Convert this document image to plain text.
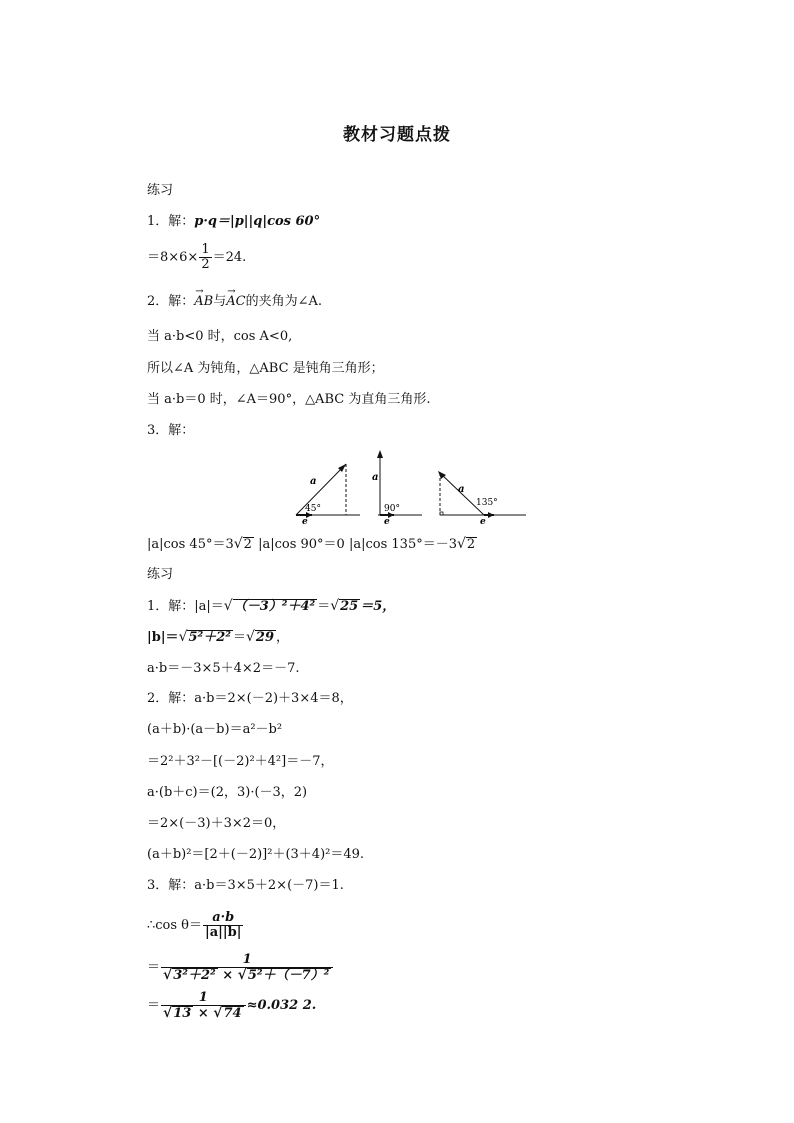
教材习题点拨
练习
1．解：p·q＝|p||q|cos 60°
$=8\times 6\times \frac{1}{2} =24$.
2．解：→ AB与→ AC的夹角为∠A.
当 a·b<0 时，cos A<0,
所以∠A 为钝角，△ABC 是钝角三角形；
当 a·b＝0 时，∠A＝90°，△ABC 为直角三角形.
3．解：
a
e
45°
a
e
90°
a
e
135°
|a|cos 45°＝3√2 |a|cos 90°＝0 |a|cos 135°＝－3√2
练习
1．解：|a|＝√（－3）²＋4² ＝√25 ＝5，
|b|＝√5²＋2² ＝√29 ，
a·b＝－3×5＋4×2＝－7.
2．解：a·b＝2×(－2)＋3×4＝8，
(a＋b)·(a－b)＝a²－b²
＝2²＋3²－[(－2)²＋4²]＝－7，
a·(b＋c)＝(2，3)·(－3，2)
＝2×(－3)＋3×2＝0，
(a＋b)²＝[2＋(－2)]²＋(3＋4)²＝49.
3．解：a·b＝3×5＋2×(－7)＝1.
∴cos $\theta= \frac{a\cdot b}{|a||b|}$
＝ $\frac{1}{\text{√3²＋2² × √5²＋（－7）²}}$
＝ $\frac{1}{√13 \times √74} \approx 0.032$ 2.
